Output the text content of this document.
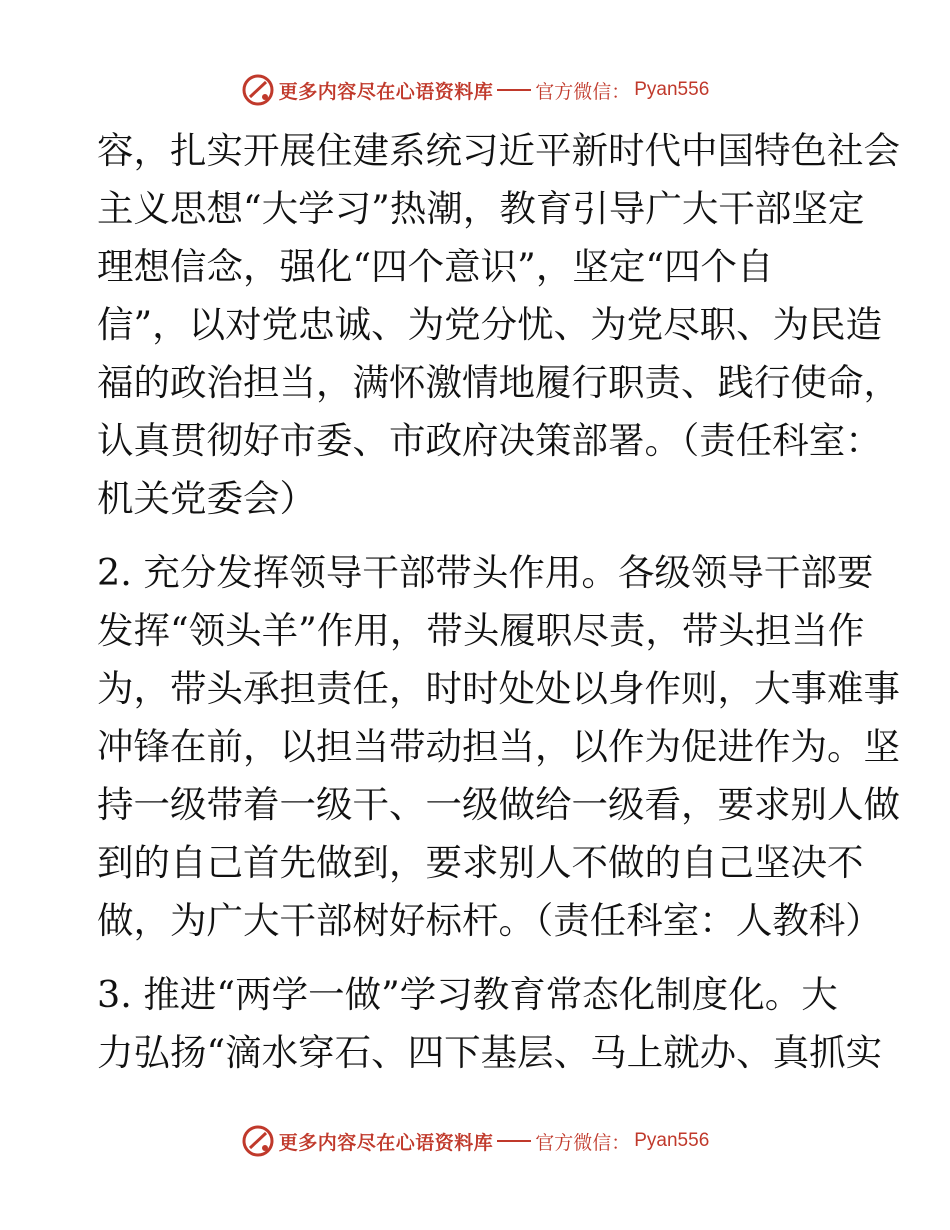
更多内容尽在心语资料库 官方微信： Pyan556

容，扎实开展住建系统习近平新时代中国特色社会

主义思想“大学习”热潮，教育引导广大干部坚定

理想信念，强化“四个意识”，坚定“四个自

信”，以对党忠诚、为党分忧、为党尽职、为民造

福的政治担当，满怀激情地履行职责、践行使命，

认真贯彻好市委、市政府决策部署。（责任科室：

机关党委会）

2. 充分发挥领导干部带头作用。各级领导干部要

发挥“领头羊”作用，带头履职尽责，带头担当作

为，带头承担责任，时时处处以身作则，大事难事

冲锋在前，以担当带动担当，以作为促进作为。坚

持一级带着一级干、一级做给一级看，要求别人做

到的自己首先做到，要求别人不做的自己坚决不

做，为广大干部树好标杆。（责任科室：人教科）

3. 推进“两学一做”学习教育常态化制度化。大

力弘扬“滴水穿石、四下基层、马上就办、真抓实

更多内容尽在心语资料库 官方微信： Pyan556
